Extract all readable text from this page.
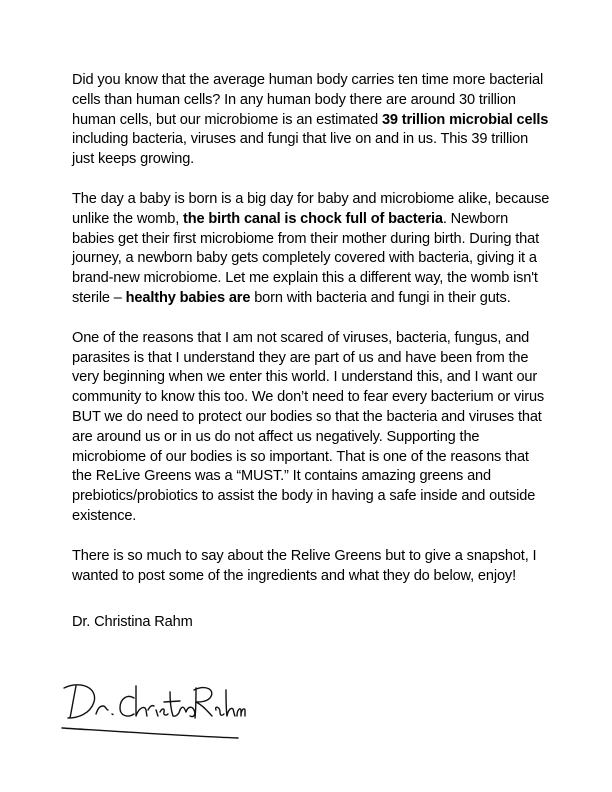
Did you know that the average human body carries ten time more bacterial cells than human cells? In any human body there are around 30 trillion human cells, but our microbiome is an estimated 39 trillion microbial cells including bacteria, viruses and fungi that live on and in us. This 39 trillion just keeps growing.

The day a baby is born is a big day for baby and microbiome alike, because unlike the womb, the birth canal is chock full of bacteria. Newborn babies get their first microbiome from their mother during birth. During that journey, a newborn baby gets completely covered with bacteria, giving it a brand-new microbiome. Let me explain this a different way, the womb isn't sterile – healthy babies are born with bacteria and fungi in their guts.

One of the reasons that I am not scared of viruses, bacteria, fungus, and parasites is that I understand they are part of us and have been from the very beginning when we enter this world. I understand this, and I want our community to know this too. We don’t need to fear every bacterium or virus BUT we do need to protect our bodies so that the bacteria and viruses that are around us or in us do not affect us negatively. Supporting the microbiome of our bodies is so important. That is one of the reasons that the ReLive Greens was a “MUST.” It contains amazing greens and prebiotics/probiotics to assist the body in having a safe inside and outside existence.

There is so much to say about the Relive Greens but to give a snapshot, I wanted to post some of the ingredients and what they do below, enjoy!

Dr. Christina Rahm
